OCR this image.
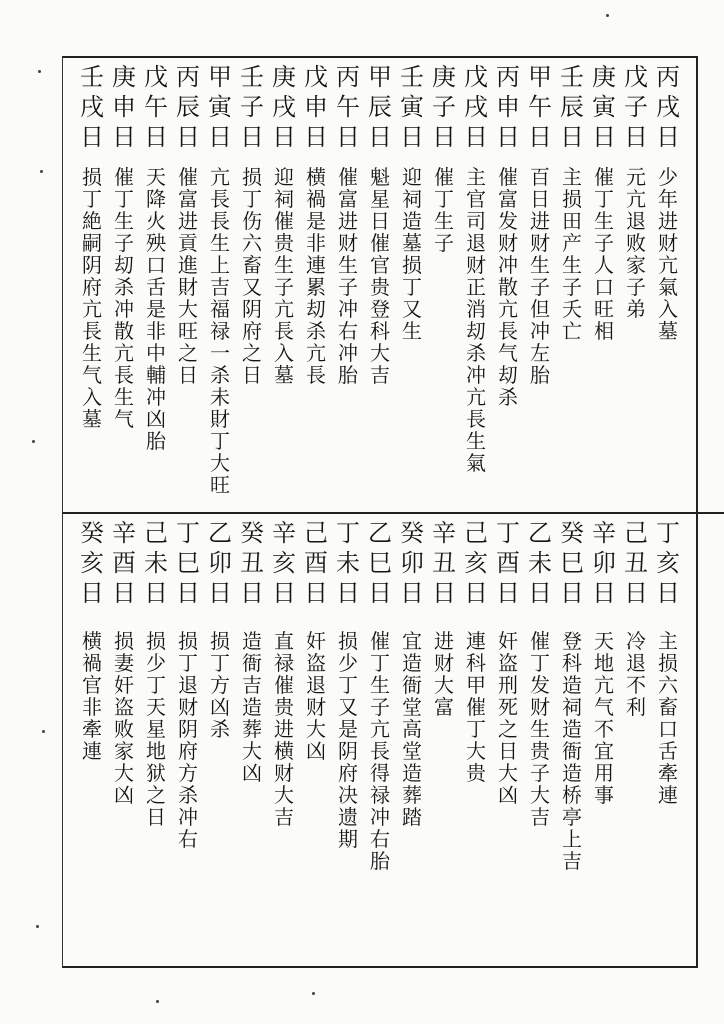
丙
戌
日
少
年
进
财
亢
氣
入
墓
戊
子
日
元
亢
退
败
家
子
弟
庚
寅
日
催
丁
生
子
人
口
旺
相
壬
辰
日
主
损
田
产
生
子
夭
亡
甲
午
日
百
日
进
财
生
子
但
冲
左
胎
丙
申
日
催
富
发
财
冲
散
亢
長
气
刧
杀
戊
戌
日
主
官
司
退
财
正
消
刧
杀
冲
亢
長
生
氣
庚
子
日
催
丁
生
子
壬
寅
日
迎
祠
造
墓
损
丁
又
生
甲
辰
日
魁
星
日
催
官
贵
登
科
大
吉
丙
午
日
催
富
进
财
生
子
冲
右
冲
胎
戊
申
日
横
禍
是
非
連
累
刧
杀
亢
長
庚
戌
日
迎
祠
催
贵
生
子
亢
長
入
墓
壬
子
日
损
丁
伤
六
畜
又
阴
府
之
日
甲
寅
日
亢
長
長
生
上
吉
福
禄
一
杀
未
財
丁
大
旺
丙
辰
日
催
富
进
貢
進
財
大
旺
之
日
戊
午
日
天
降
火
殃
口
舌
是
非
中
輔
冲
凶
胎
庚
申
日
催
丁
生
子
刧
杀
冲
散
亢
長
生
气
壬
戌
日
损
丁
絶
嗣
阴
府
亢
長
生
气
入
墓
丁
亥
日
主
损
六
畜
口
舌
牽
連
己
丑
日
冷
退
不
利
辛
卯
日
天
地
亢
气
不
宜
用
事
癸
巳
日
登
科
造
祠
造
衙
造
桥
亭
上
吉
乙
未
日
催
丁
发
财
生
贵
子
大
吉
丁
酉
日
奸
盗
刑
死
之
日
大
凶
己
亥
日
連
科
甲
催
丁
大
贵
辛
丑
日
进
财
大
富
癸
卯
日
宜
造
衙
堂
高
堂
造
葬
踏
乙
巳
日
催
丁
生
子
亢
長
得
禄
冲
右
胎
丁
未
日
损
少
丁
又
是
阴
府
决
遗
期
己
酉
日
奸
盗
退
财
大
凶
辛
亥
日
直
禄
催
贵
进
横
财
大
吉
癸
丑
日
造
衙
吉
造
葬
大
凶
乙
卯
日
损
丁
方
凶
杀
丁
巳
日
损
丁
退
财
阴
府
方
杀
冲
右
己
未
日
损
少
丁
天
星
地
狱
之
日
辛
酉
日
损
妻
奸
盗
败
家
大
凶
癸
亥
日
横
禍
官
非
牽
連
